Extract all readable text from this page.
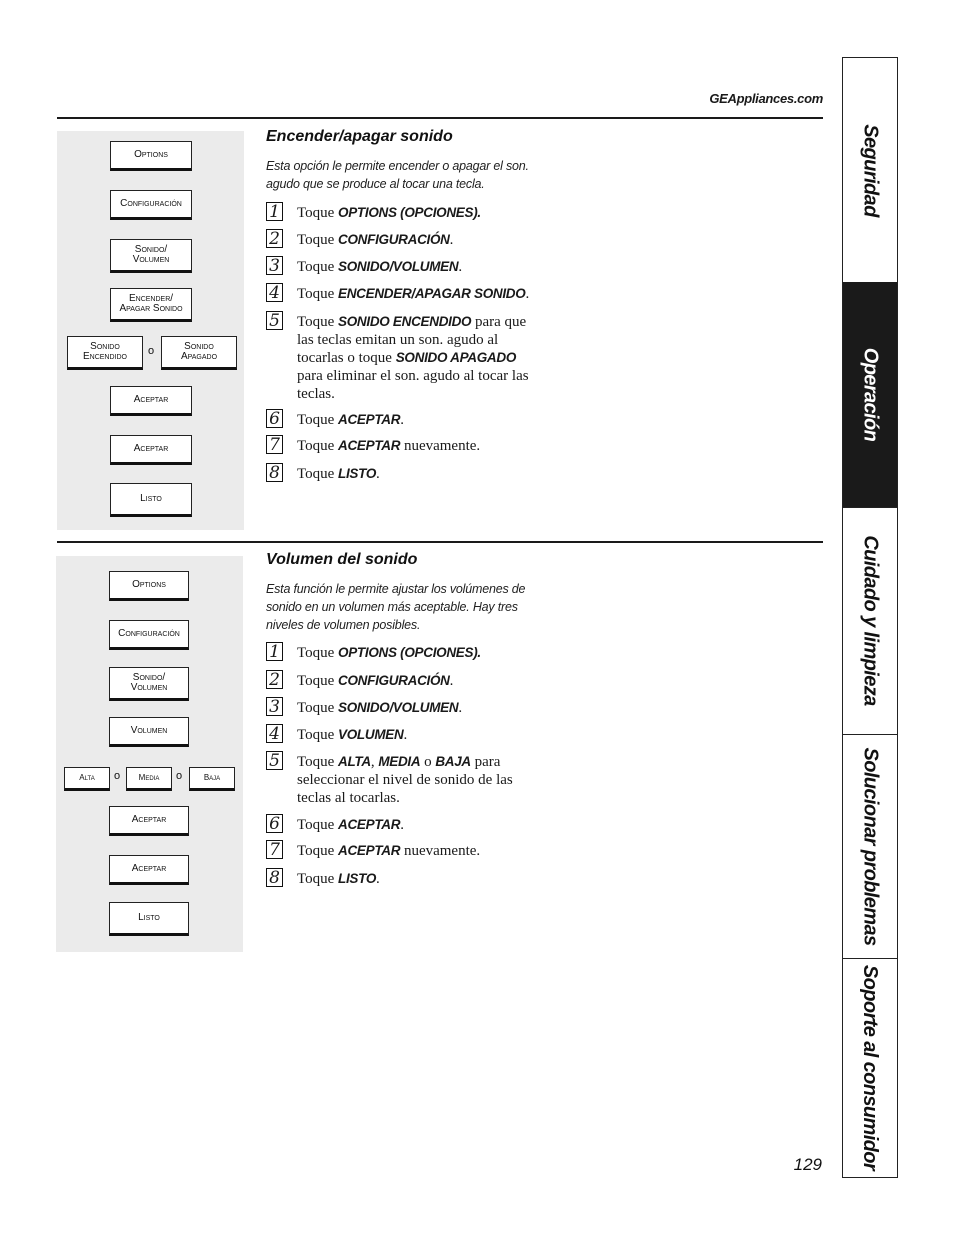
GEAppliances.com
Options
Configuración
Sonido/
Volumen
Encender/
Apagar Sonido
Sonido
Encendido	o	Sonido
Apagado
Aceptar
Aceptar
Listo
Encender/apagar sonido
Esta opción le permite encender o apagar el son.
agudo que se produce al tocar una tecla.
1 Toque OPTIONS (OPCIONES).
2 Toque CONFIGURACIÓN.
3 Toque SONIDO/VOLUMEN.
4 Toque ENCENDER/APAGAR SONIDO.
5 Toque SONIDO ENCENDIDO para que las teclas emitan un son. agudo al tocarlas o toque SONIDO APAGADO para eliminar el son. agudo al tocar las teclas.
6 Toque ACEPTAR.
7 Toque ACEPTAR nuevamente.
8 Toque LISTO.
Options
Configuración
Sonido/
Volumen
Volumen
Alta	o	Media	o	Baja
Aceptar
Aceptar
Listo
Volumen del sonido
Esta función le permite ajustar los volúmenes de
sonido en un volumen más aceptable. Hay tres
niveles de volumen posibles.
1 Toque OPTIONS (OPCIONES).
2 Toque CONFIGURACIÓN.
3 Toque SONIDO/VOLUMEN.
4 Toque VOLUMEN.
5 Toque ALTA, MEDIA o BAJA para seleccionar el nivel de sonido de las teclas al tocarlas.
6 Toque ACEPTAR.
7 Toque ACEPTAR nuevamente.
8 Toque LISTO.
Seguridad
Operación
Cuidado y limpieza
Solucionar problemas
Soporte al consumidor
129
